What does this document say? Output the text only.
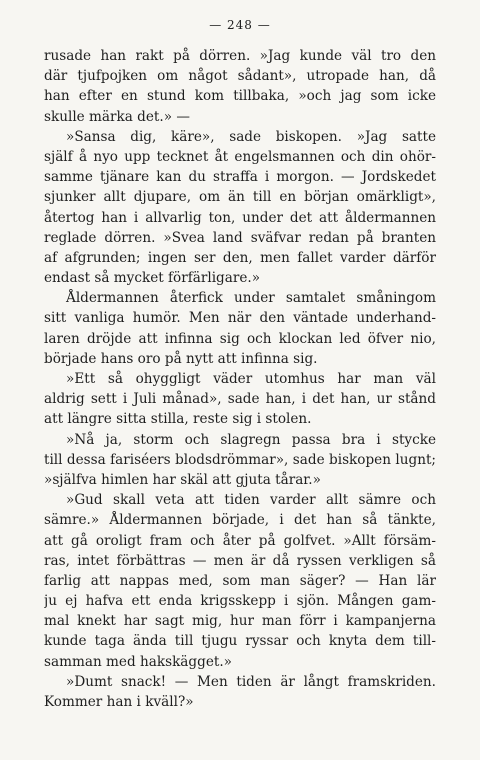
— 248 —
rusade han rakt på dörren. »Jag kunde väl tro den
där tjufpojken om något sådant», utropade han, då
han efter en stund kom tillbaka, »och jag som icke
skulle märka det.» —
»Sansa dig, käre», sade biskopen. »Jag satte
själf å nyo upp tecknet åt engelsmannen och din ohör-
samme tjänare kan du straffa i morgon. — Jordskedet
sjunker allt djupare, om än till en början omärkligt»,
återtog han i allvarlig ton, under det att åldermannen
reglade dörren. »Svea land sväfvar redan på branten
af afgrunden; ingen ser den, men fallet varder därför
endast så mycket förfärligare.»
Åldermannen återfick under samtalet småningom
sitt vanliga humör. Men när den väntade underhand-
laren dröjde att infinna sig och klockan led öfver nio,
började hans oro på nytt att infinna sig.
»Ett så ohyggligt väder utomhus har man väl
aldrig sett i Juli månad», sade han, i det han, ur stånd
att längre sitta stilla, reste sig i stolen.
»Nå ja, storm och slagregn passa bra i stycke
till dessa fariséers blodsdrömmar», sade biskopen lugnt;
»själfva himlen har skäl att gjuta tårar.»
»Gud skall veta att tiden varder allt sämre och
sämre.» Åldermannen började, i det han så tänkte,
att gå oroligt fram och åter på golfvet. »Allt försäm-
ras, intet förbättras — men är då ryssen verkligen så
farlig att nappas med, som man säger? — Han lär
ju ej hafva ett enda krigsskepp i sjön. Mången gam-
mal knekt har sagt mig, hur man förr i kampanjerna
kunde taga ända till tjugu ryssar och knyta dem till-
samman med hakskägget.»
»Dumt snack! — Men tiden är långt framskriden.
Kommer han i kväll?»
